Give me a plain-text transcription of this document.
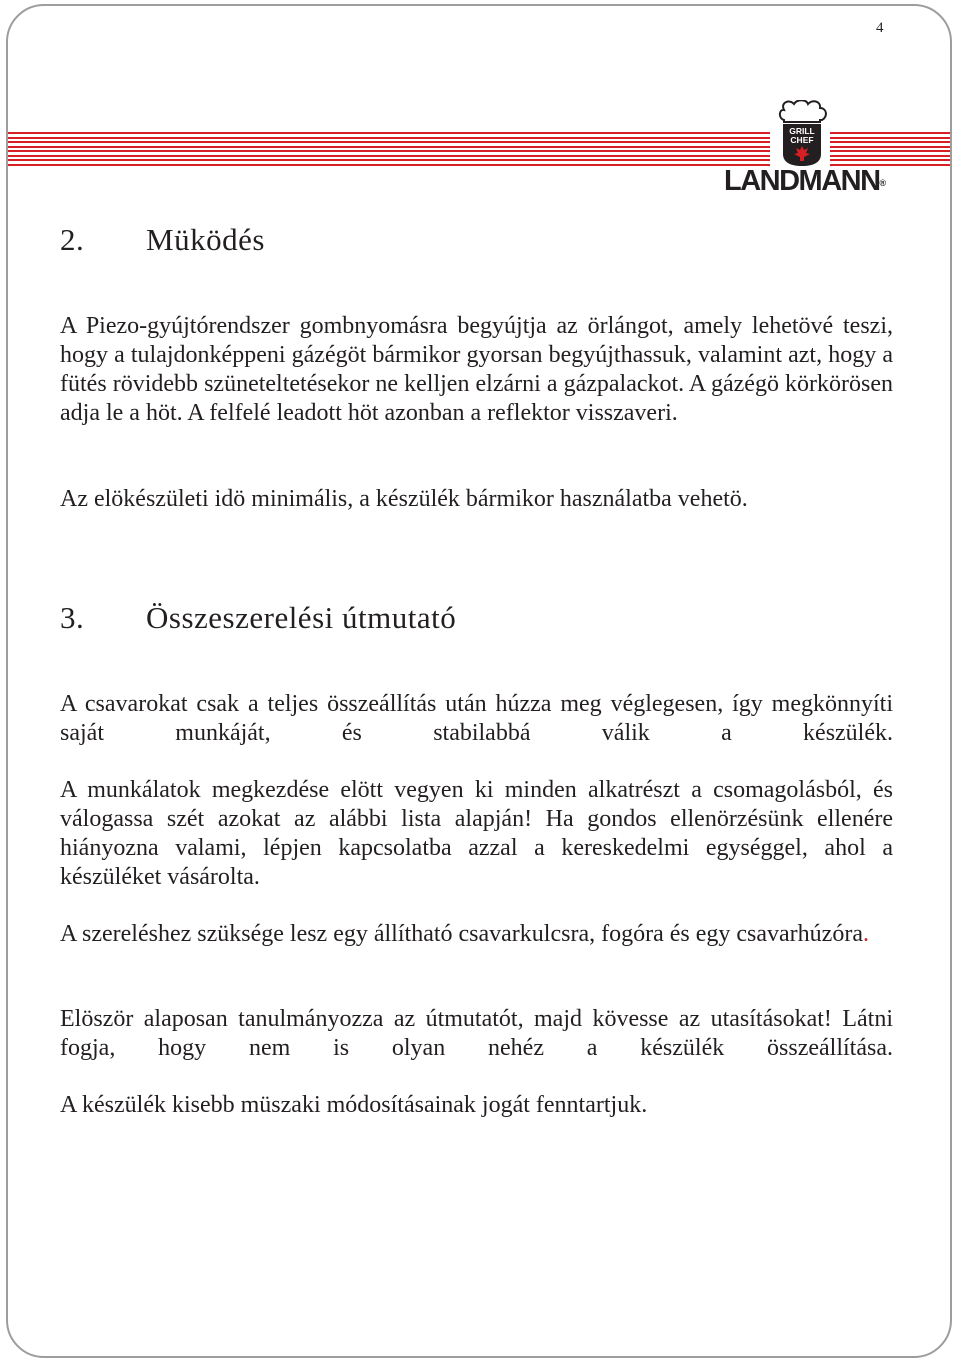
4
GRILL
CHEF
LANDMANN®
2.	Müködés

A Piezo-gyújtórendszer gombnyomásra begyújtja az örlángot, amely lehetövé teszi, hogy a tulajdonképpeni gázégöt bármikor gyorsan begyújthassuk, valamint azt, hogy a fütés rövidebb szüneteltetésekor ne kelljen elzárni a gázpalackot. A gázégö körkörösen adja le a höt. A felfelé leadott höt azonban a reflektor visszaveri.

Az elökészületi idö minimális, a készülék bármikor használatba vehetö.

3.	Összeszerelési útmutató

A csavarokat csak a teljes összeállítás után húzza meg véglegesen, így megkönnyíti saját munkáját, és stabilabbá válik a készülék.

A munkálatok megkezdése elött vegyen ki minden alkatrészt a csomagolásból, és válogassa szét azokat az alábbi lista alapján! Ha gondos ellenörzésünk ellenére hiányozna valami, lépjen kapcsolatba azzal a kereskedelmi egységgel, ahol a készüléket vásárolta.

A szereléshez szüksége lesz egy állítható csavarkulcsra, fogóra és egy csavarhúzóra.

Elöször alaposan tanulmányozza az útmutatót, majd kövesse az utasításokat! Látni fogja, hogy nem is olyan nehéz a készülék összeállítása.

A készülék kisebb müszaki módosításainak jogát fenntartjuk.
